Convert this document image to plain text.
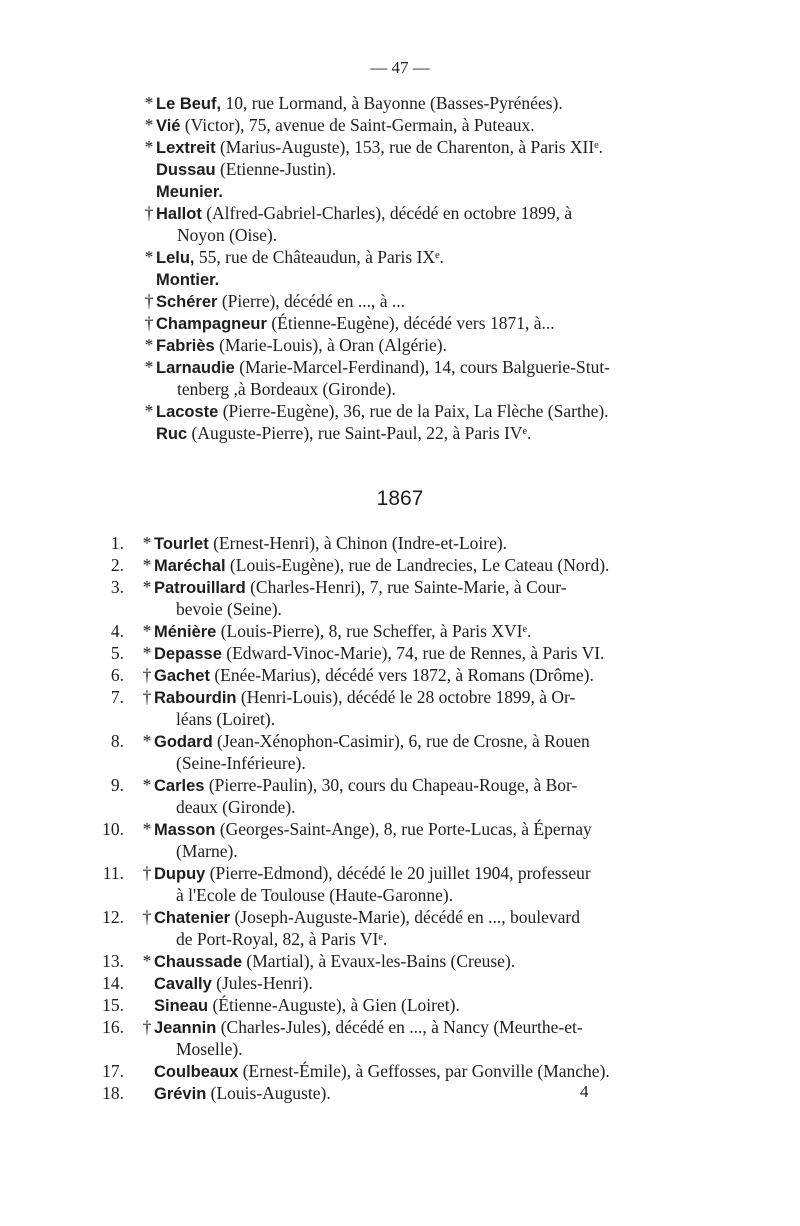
— 47 —
* Le Beuf, 10, rue Lormand, à Bayonne (Basses-Pyrénées).
* Vié (Victor), 75, avenue de Saint-Germain, à Puteaux.
* Lextreit (Marius-Auguste), 153, rue de Charenton, à Paris XIIᵉ.
Dussau (Etienne-Justin).
Meunier.
† Hallot (Alfred-Gabriel-Charles), décédé en octobre 1899, à
Noyon (Oise).
* Lelu, 55, rue de Châteaudun, à Paris IXᵉ.
Montier.
† Schérer (Pierre), décédé en ..., à ...
† Champagneur (Étienne-Eugène), décédé vers 1871, à...
* Fabriès (Marie-Louis), à Oran (Algérie).
* Larnaudie (Marie-Marcel-Ferdinand), 14, cours Balguerie-Stut-
tenberg ,à Bordeaux (Gironde).
* Lacoste (Pierre-Eugène), 36, rue de la Paix, La Flèche (Sarthe).
Ruc (Auguste-Pierre), rue Saint-Paul, 22, à Paris IVᵉ.
1867
1. * Tourlet (Ernest-Henri), à Chinon (Indre-et-Loire).
2. * Maréchal (Louis-Eugène), rue de Landrecies, Le Cateau (Nord).
3. * Patrouillard (Charles-Henri), 7, rue Sainte-Marie, à Cour-
bevoie (Seine).
4. * Ménière (Louis-Pierre), 8, rue Scheffer, à Paris XVIᵉ.
5. * Depasse (Edward-Vinoc-Marie), 74, rue de Rennes, à Paris VI.
6. † Gachet (Enée-Marius), décédé vers 1872, à Romans (Drôme).
7. † Rabourdin (Henri-Louis), décédé le 28 octobre 1899, à Or-
léans (Loiret).
8. * Godard (Jean-Xénophon-Casimir), 6, rue de Crosne, à Rouen
(Seine-Inférieure).
9. * Carles (Pierre-Paulin), 30, cours du Chapeau-Rouge, à Bor-
deaux (Gironde).
10. * Masson (Georges-Saint-Ange), 8, rue Porte-Lucas, à Épernay
(Marne).
11. † Dupuy (Pierre-Edmond), décédé le 20 juillet 1904, professeur
à l'Ecole de Toulouse (Haute-Garonne).
12. † Chatenier (Joseph-Auguste-Marie), décédé en ..., boulevard
de Port-Royal, 82, à Paris VIᵉ.
13. * Chaussade (Martial), à Evaux-les-Bains (Creuse).
14.	Cavally (Jules-Henri).
15.	Sineau (Étienne-Auguste), à Gien (Loiret).
16. † Jeannin (Charles-Jules), décédé en ..., à Nancy (Meurthe-et-
Moselle).
17.	Coulbeaux (Ernest-Émile), à Geffosses, par Gonville (Manche).
18.	Grévin (Louis-Auguste).	4
